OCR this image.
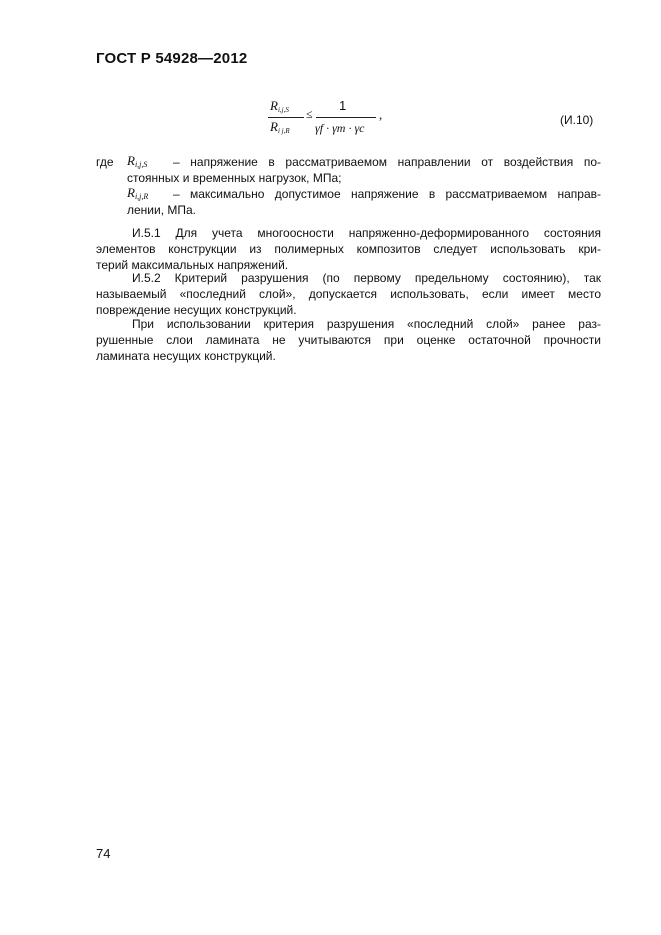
ГОСТ Р 54928—2012
$R_{i,j,S}$
$R_{i j,R}$
≤
1
γf · γm · γc
,	(И.10)
где Ri,j,S – напряжение в рассматриваемом направлении от воздействия по-
стоянных и временных нагрузок, МПа;
Ri,j,R – максимально допустимое напряжение в рассматриваемом направ-
лении, МПа.
И.5.1 Для учета многоосности напряженно-деформированного состояния
элементов конструкции из полимерных композитов следует использовать кри-
терий максимальных напряжений.
И.5.2 Критерий разрушения (по первому предельному состоянию), так
называемый «последний слой», допускается использовать, если имеет место
повреждение несущих конструкций.
При использовании критерия разрушения «последний слой» ранее раз-
рушенные слои ламината не учитываются при оценке остаточной прочности
ламината несущих конструкций.
74
